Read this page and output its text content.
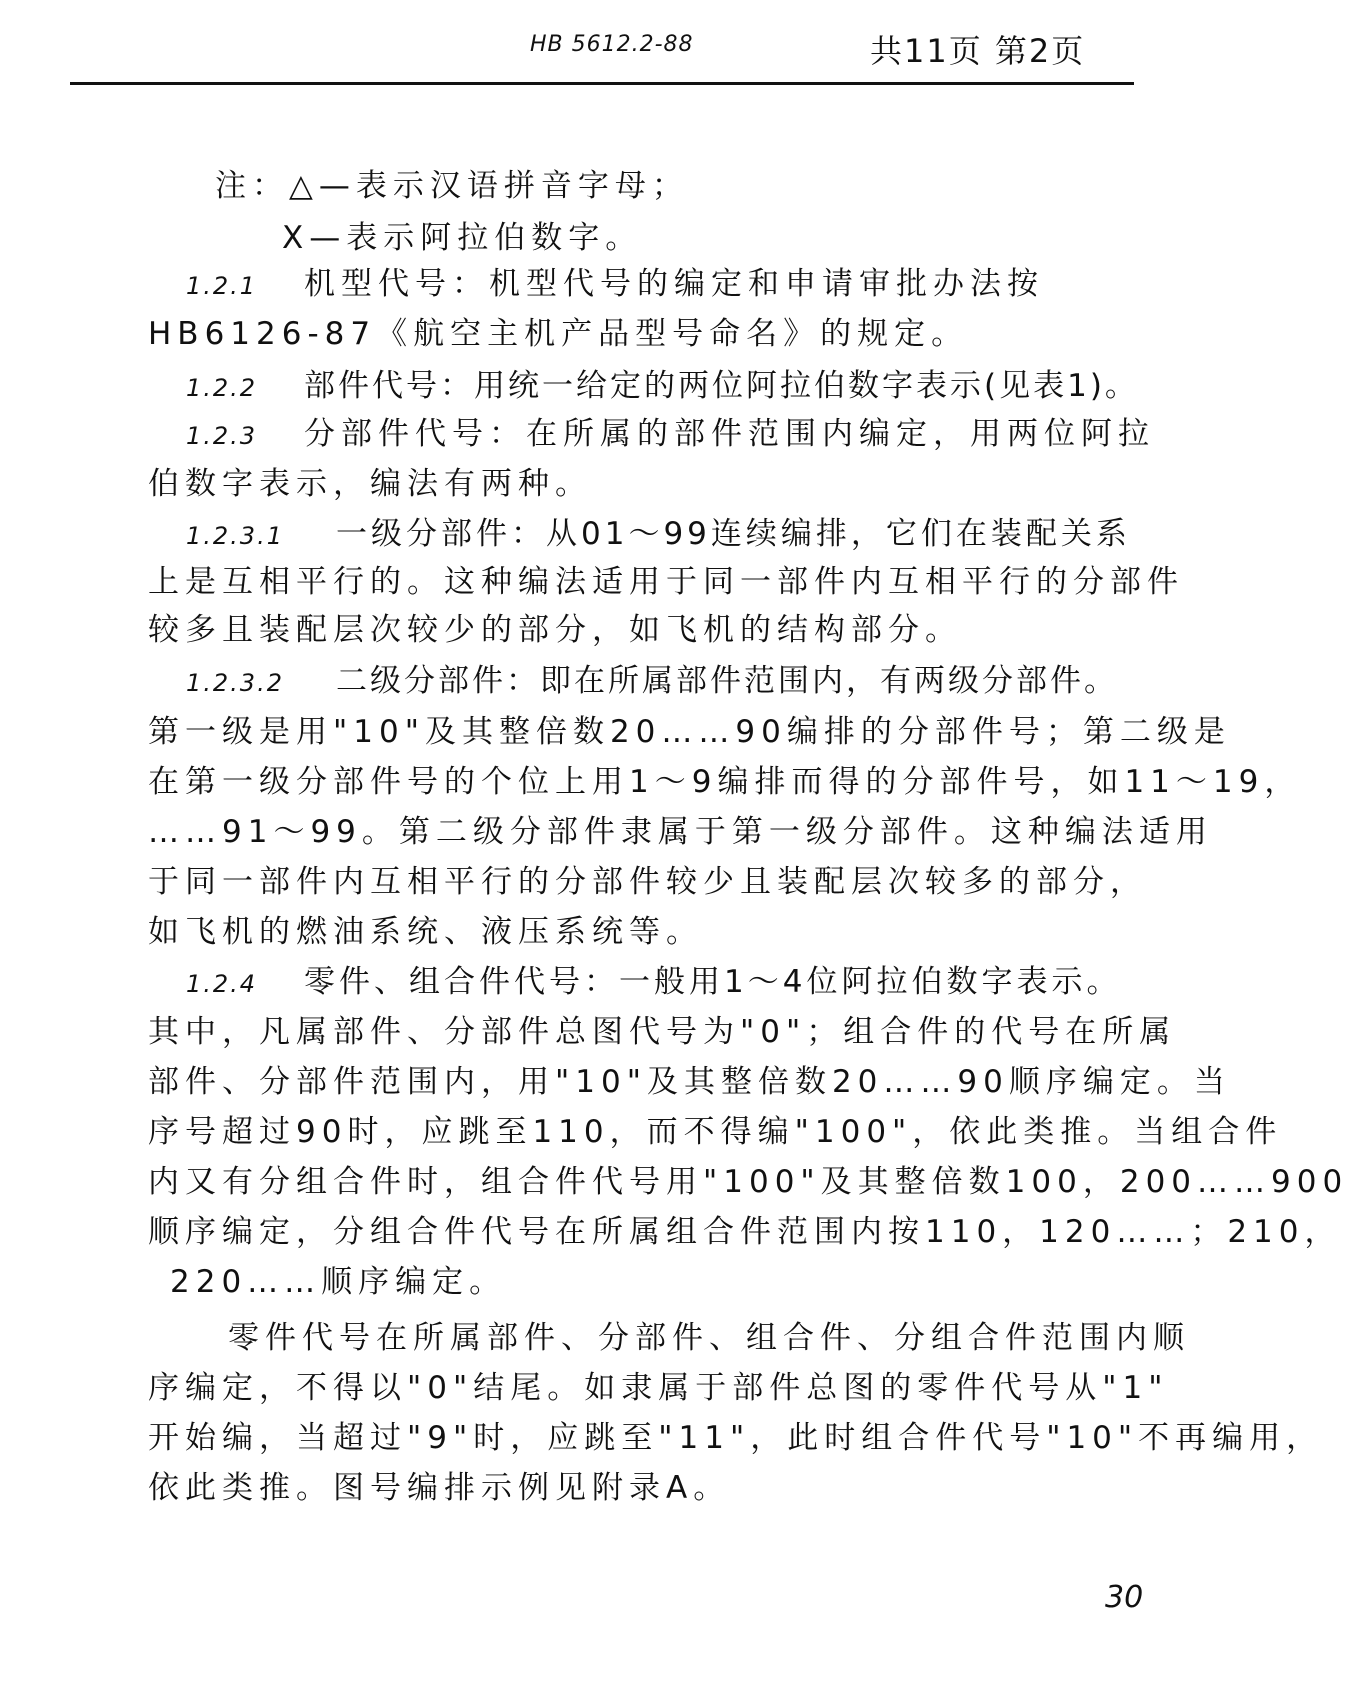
HB 5612.2-88	共11页 第2页
注：△—表示汉语拼音字母；
X—表示阿拉伯数字。
1.2.1 机型代号：机型代号的编定和申请审批办法按
HB6126-87《航空主机产品型号命名》的规定。
1.2.2 部件代号：用统一给定的两位阿拉伯数字表示(见表1)。
1.2.3 分部件代号：在所属的部件范围内编定，用两位阿拉
伯数字表示，编法有两种。
1.2.3.1 一级分部件：从01～99连续编排，它们在装配关系
上是互相平行的。这种编法适用于同一部件内互相平行的分部件
较多且装配层次较少的部分，如飞机的结构部分。
1.2.3.2 二级分部件：即在所属部件范围内，有两级分部件。
第一级是用"10"及其整倍数20……90编排的分部件号；第二级是
在第一级分部件号的个位上用1～9编排而得的分部件号，如11～19，
……91～99。第二级分部件隶属于第一级分部件。这种编法适用
于同一部件内互相平行的分部件较少且装配层次较多的部分，
如飞机的燃油系统、液压系统等。
1.2.4 零件、组合件代号：一般用1～4位阿拉伯数字表示。
其中，凡属部件、分部件总图代号为"0"；组合件的代号在所属
部件、分部件范围内，用"10"及其整倍数20……90顺序编定。当
序号超过90时，应跳至110，而不得编"100"，依此类推。当组合件
内又有分组合件时，组合件代号用"100"及其整倍数100，200……900
顺序编定，分组合件代号在所属组合件范围内按110，120……；210，
220……顺序编定。
零件代号在所属部件、分部件、组合件、分组合件范围内顺
序编定，不得以"0"结尾。如隶属于部件总图的零件代号从"1"
开始编，当超过"9"时，应跳至"11"，此时组合件代号"10"不再编用，
依此类推。图号编排示例见附录A。
30
